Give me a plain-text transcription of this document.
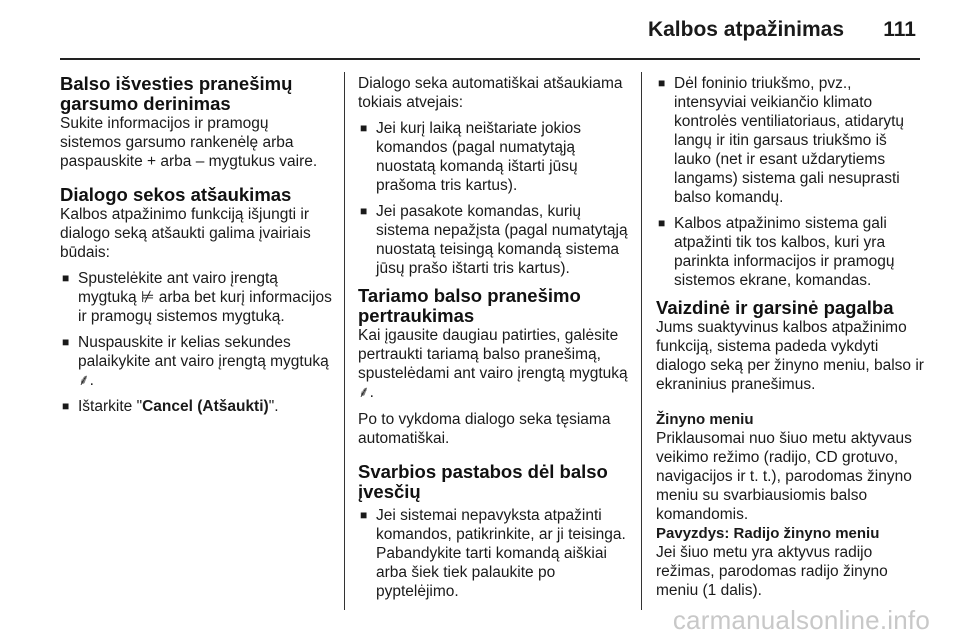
Kalbos atpažinimas 111
Balso išvesties pranešimų garsumo derinimas
Sukite informacijos ir pramogų sistemos garsumo rankenėlę arba paspauskite + arba – mygtukus vaire.
Dialogo sekos atšaukimas
Kalbos atpažinimo funkciją išjungti ir dialogo seką atšaukti galima įvairiais būdais:
■ Spustelėkite ant vairo įrengtą mygtuką ⊭ arba bet kurį informacijos ir pramogų sistemos mygtuką.
■ Nuspauskite ir kelias sekundes palaikykite ant vairo įrengtą mygtuką ⸙.
■ Ištarkite "Cancel (Atšaukti)".
Dialogo seka automatiškai atšaukiama tokiais atvejais:
■ Jei kurį laiką neištariate jokios komandos (pagal numatytąją nuostatą komandą ištarti jūsų prašoma tris kartus).
■ Jei pasakote komandas, kurių sistema nepažįsta (pagal numatytąją nuostatą teisingą komandą sistema jūsų prašo ištarti tris kartus).
Tariamo balso pranešimo pertraukimas
Kai įgausite daugiau patirties, galėsite pertraukti tariamą balso pranešimą, spustelėdami ant vairo įrengtą mygtuką ⸙.
Po to vykdoma dialogo seka tęsiama automatiškai.
Svarbios pastabos dėl balso įvesčių
■ Jei sistemai nepavyksta atpažinti komandos, patikrinkite, ar ji teisinga. Pabandykite tarti komandą aiškiai arba šiek tiek palaukite po pyptelėjimo.
■ Dėl foninio triukšmo, pvz., intensyviai veikiančio klimato kontrolės ventiliatoriaus, atidarytų langų ir itin garsaus triukšmo iš lauko (net ir esant uždarytiems langams) sistema gali nesuprasti balso komandų.
■ Kalbos atpažinimo sistema gali atpažinti tik tos kalbos, kuri yra parinkta informacijos ir pramogų sistemos ekrane, komandas.
Vaizdinė ir garsinė pagalba
Jums suaktyvinus kalbos atpažinimo funkciją, sistema padeda vykdyti dialogo seką per žinyno meniu, balso ir ekraninius pranešimus.
Žinyno meniu
Priklausomai nuo šiuo metu aktyvaus veikimo režimo (radijo, CD grotuvo, navigacijos ir t. t.), parodomas žinyno meniu su svarbiausiomis balso komandomis.
Pavyzdys: Radijo žinyno meniu
Jei šiuo metu yra aktyvus radijo režimas, parodomas radijo žinyno meniu (1 dalis).
carmanualsonline.info
